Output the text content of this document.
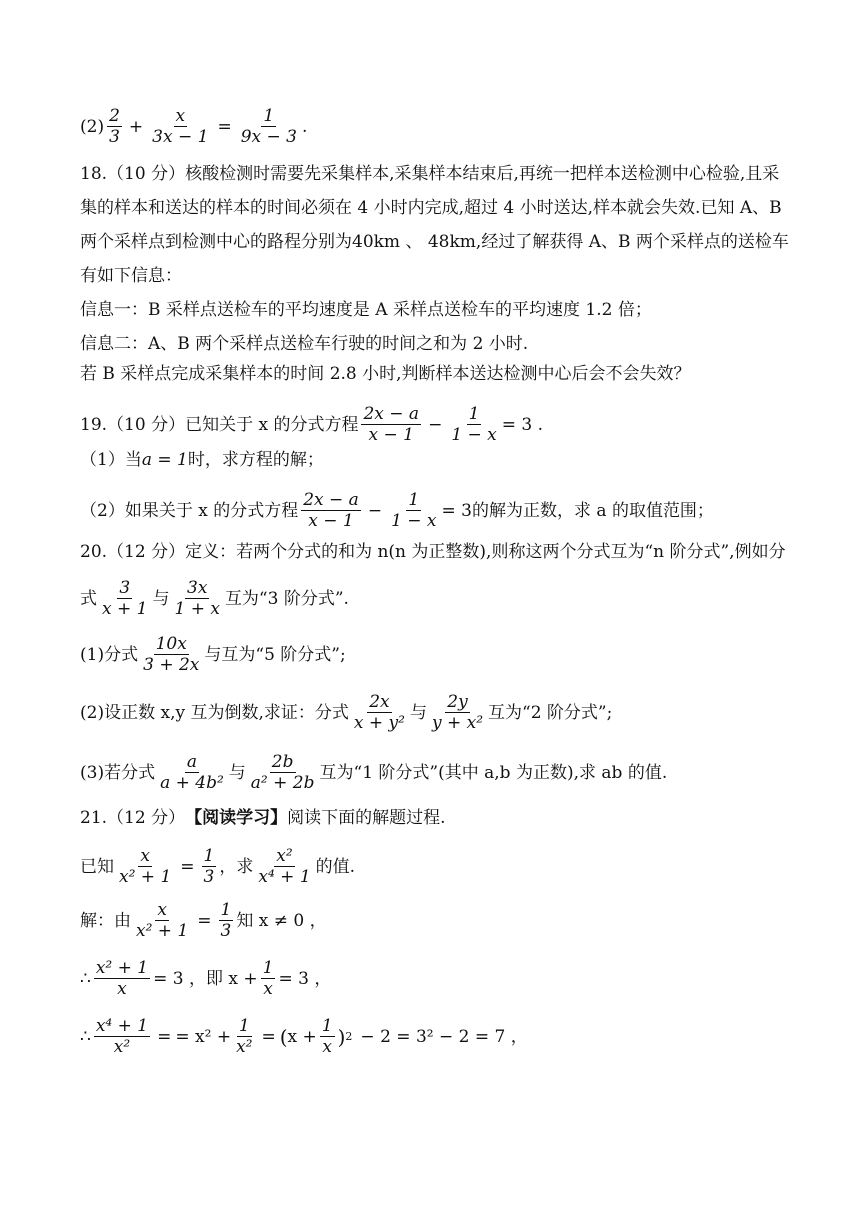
(2)
2
3
+ $\frac{x}{3x - 1} = \frac{1}{9x - 3}$ .
18.（10 分）核酸检测时需要先采集样本,采集样本结束后,再统一把样本送检测中心检验,且采
集的样本和送达的样本的时间必须在 4 小时内完成,超过 4 小时送达,样本就会失效.已知 A、B
两个采样点到检测中心的路程分别为40km 、 48km,经过了解获得 A、B 两个采样点的送检车
有如下信息：
信息一：B 采样点送检车的平均速度是 A 采样点送检车的平均速度 1.2 倍；
信息二：A、B 两个采样点送检车行驶的时间之和为 2 小时.
若 B 采样点完成采集样本的时间 2.8 小时,判断样本送达检测中心后会不会失效？
19.（10 分）已知关于 x 的分式方程
2x − a
x − 1
− $\frac{1}{1 - x} = 3$ .
（1）当 a = 1 时，求方程的解；
（2）如果关于 x 的分式方程
2x − a
x − 1
− $\frac{1}{1 - x} = 3$的解为正数，求 a 的取值范围；
20.（12 分）定义：若两个分式的和为 n(n 为正整数),则称这两个分式互为“n 阶分式”,例如分
式
3
x + 1
与
3x
1 + x
互为“3 阶分式”.
(1)分式
10x
3 + 2x
与互为“5 阶分式”;
(2)设正数 x,y 互为倒数,求证：分式
2x
x + y²
与
2y
y + x²
互为“2 阶分式”;
(3)若分式
a
a + 4b²
与
2b
a² + 2b
互为“1 阶分式”(其中 a,b 为正数),求 ab 的值.
21.（12 分） 【阅读学习】 阅读下面的解题过程.
已知 $\frac{x}{\text{x² + 1}} = \frac{1}{3}$ ，求
x²
x⁴ + 1
的值.
解：由 $\frac{x}{\text{x² + 1}} = \frac{1}{3}$ 知 x ≠ 0 ，
∴ $\frac{\text{x² + 1}}{x} = 3$ ，即 $x + \frac{1}{x} = 3$ ，
∴ $\frac{\text{x⁴ + 1}}{\text{x²}}$ = = $x^2 + \frac{1}{\text{x²}}$ = ( $x + \frac{1}{x}$ ) 2 − 2 = 3² − 2 = 7 ，
